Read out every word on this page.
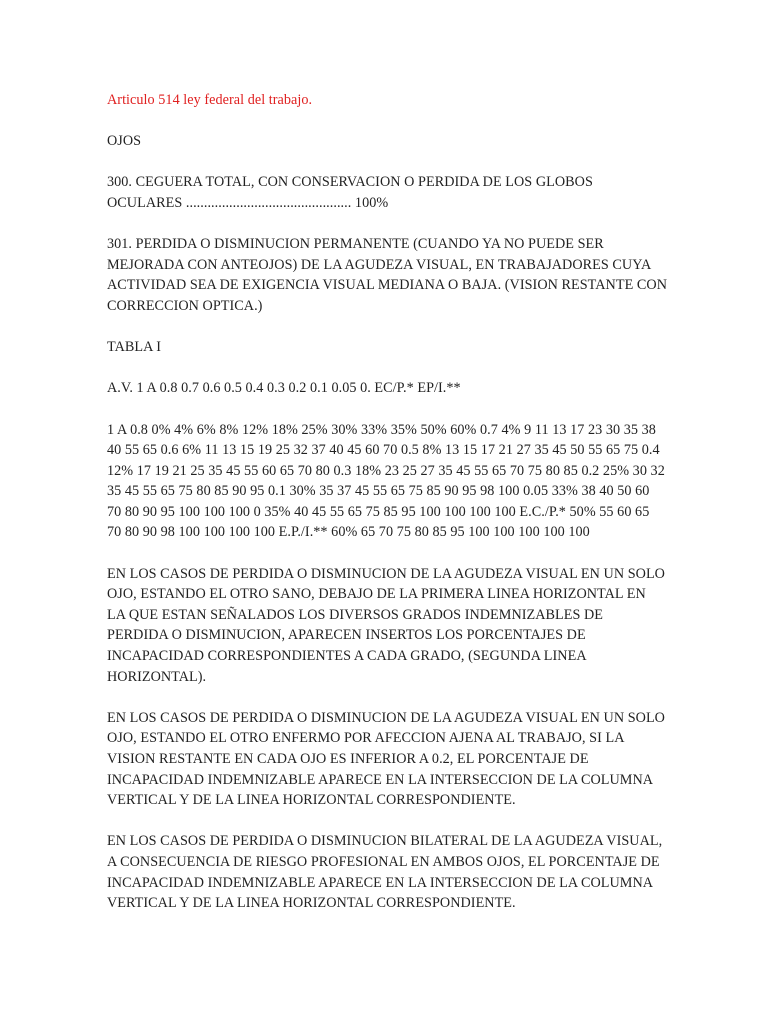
Articulo 514 ley federal del trabajo.

OJOS

300. CEGUERA TOTAL, CON CONSERVACION O PERDIDA DE LOS GLOBOS OCULARES .............................................. 100%

301. PERDIDA O DISMINUCION PERMANENTE (CUANDO YA NO PUEDE SER MEJORADA CON ANTEOJOS) DE LA AGUDEZA VISUAL, EN TRABAJADORES CUYA ACTIVIDAD SEA DE EXIGENCIA VISUAL MEDIANA O BAJA. (VISION RESTANTE CON CORRECCION OPTICA.)

TABLA I

A.V. 1 A 0.8 0.7 0.6 0.5 0.4 0.3 0.2 0.1 0.05 0. EC/P.* EP/I.**

1 A 0.8 0% 4% 6% 8% 12% 18% 25% 30% 33% 35% 50% 60% 0.7 4% 9 11 13 17 23 30 35 38 40 55 65 0.6 6% 11 13 15 19 25 32 37 40 45 60 70 0.5 8% 13 15 17 21 27 35 45 50 55 65 75 0.4 12% 17 19 21 25 35 45 55 60 65 70 80 0.3 18% 23 25 27 35 45 55 65 70 75 80 85 0.2 25% 30 32 35 45 55 65 75 80 85 90 95 0.1 30% 35 37 45 55 65 75 85 90 95 98 100 0.05 33% 38 40 50 60 70 80 90 95 100 100 100 0 35% 40 45 55 65 75 85 95 100 100 100 100 E.C./P.* 50% 55 60 65 70 80 90 98 100 100 100 100 E.P./I.** 60% 65 70 75 80 85 95 100 100 100 100 100

EN LOS CASOS DE PERDIDA O DISMINUCION DE LA AGUDEZA VISUAL EN UN SOLO OJO, ESTANDO EL OTRO SANO, DEBAJO DE LA PRIMERA LINEA HORIZONTAL EN LA QUE ESTAN SEÑALADOS LOS DIVERSOS GRADOS INDEMNIZABLES DE PERDIDA O DISMINUCION, APARECEN INSERTOS LOS PORCENTAJES DE INCAPACIDAD CORRESPONDIENTES A CADA GRADO, (SEGUNDA LINEA HORIZONTAL).

EN LOS CASOS DE PERDIDA O DISMINUCION DE LA AGUDEZA VISUAL EN UN SOLO OJO, ESTANDO EL OTRO ENFERMO POR AFECCION AJENA AL TRABAJO, SI LA VISION RESTANTE EN CADA OJO ES INFERIOR A 0.2, EL PORCENTAJE DE INCAPACIDAD INDEMNIZABLE APARECE EN LA INTERSECCION DE LA COLUMNA VERTICAL Y DE LA LINEA HORIZONTAL CORRESPONDIENTE.

EN LOS CASOS DE PERDIDA O DISMINUCION BILATERAL DE LA AGUDEZA VISUAL, A CONSECUENCIA DE RIESGO PROFESIONAL EN AMBOS OJOS, EL PORCENTAJE DE INCAPACIDAD INDEMNIZABLE APARECE EN LA INTERSECCION DE LA COLUMNA VERTICAL Y DE LA LINEA HORIZONTAL CORRESPONDIENTE.
